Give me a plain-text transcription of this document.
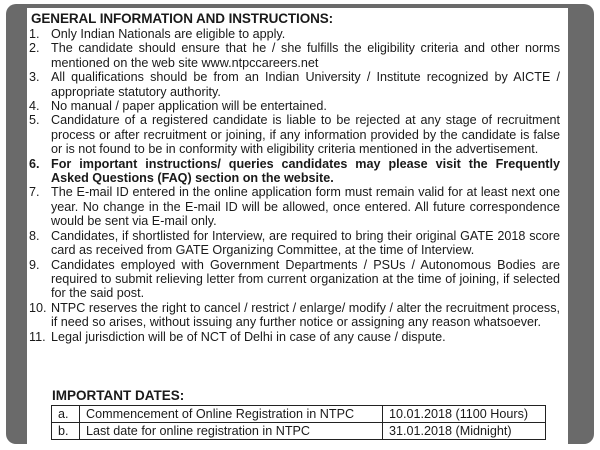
GENERAL INFORMATION AND INSTRUCTIONS:
1. Only Indian Nationals are eligible to apply.
2. The candidate should ensure that he / she fulfills the eligibility criteria and other norms mentioned on the web site www.ntpccareers.net
3. All qualifications should be from an Indian University / Institute recognized by AICTE / appropriate statutory authority.
4. No manual / paper application will be entertained.
5. Candidature of a registered candidate is liable to be rejected at any stage of recruitment process or after recruitment or joining, if any information provided by the candidate is false or is not found to be in conformity with eligibility criteria mentioned in the advertisement.
6. For important instructions/ queries candidates may please visit the Frequently Asked Questions (FAQ) section on the website.
7. The E-mail ID entered in the online application form must remain valid for at least next one year. No change in the E-mail ID will be allowed, once entered. All future correspondence would be sent via E-mail only.
8. Candidates, if shortlisted for Interview, are required to bring their original GATE 2018 score card as received from GATE Organizing Committee, at the time of Interview.
9. Candidates employed with Government Departments / PSUs / Autonomous Bodies are required to submit relieving letter from current organization at the time of joining, if selected for the said post.
10. NTPC reserves the right to cancel / restrict / enlarge/ modify / alter the recruitment process, if need so arises, without issuing any further notice or assigning any reason whatsoever.
11. Legal jurisdiction will be of NCT of Delhi in case of any cause / dispute.
IMPORTANT DATES:
a.	Commencement of Online Registration in NTPC	10.01.2018 (1100 Hours)
b.	Last date for online registration in NTPC	31.01.2018 (Midnight)
